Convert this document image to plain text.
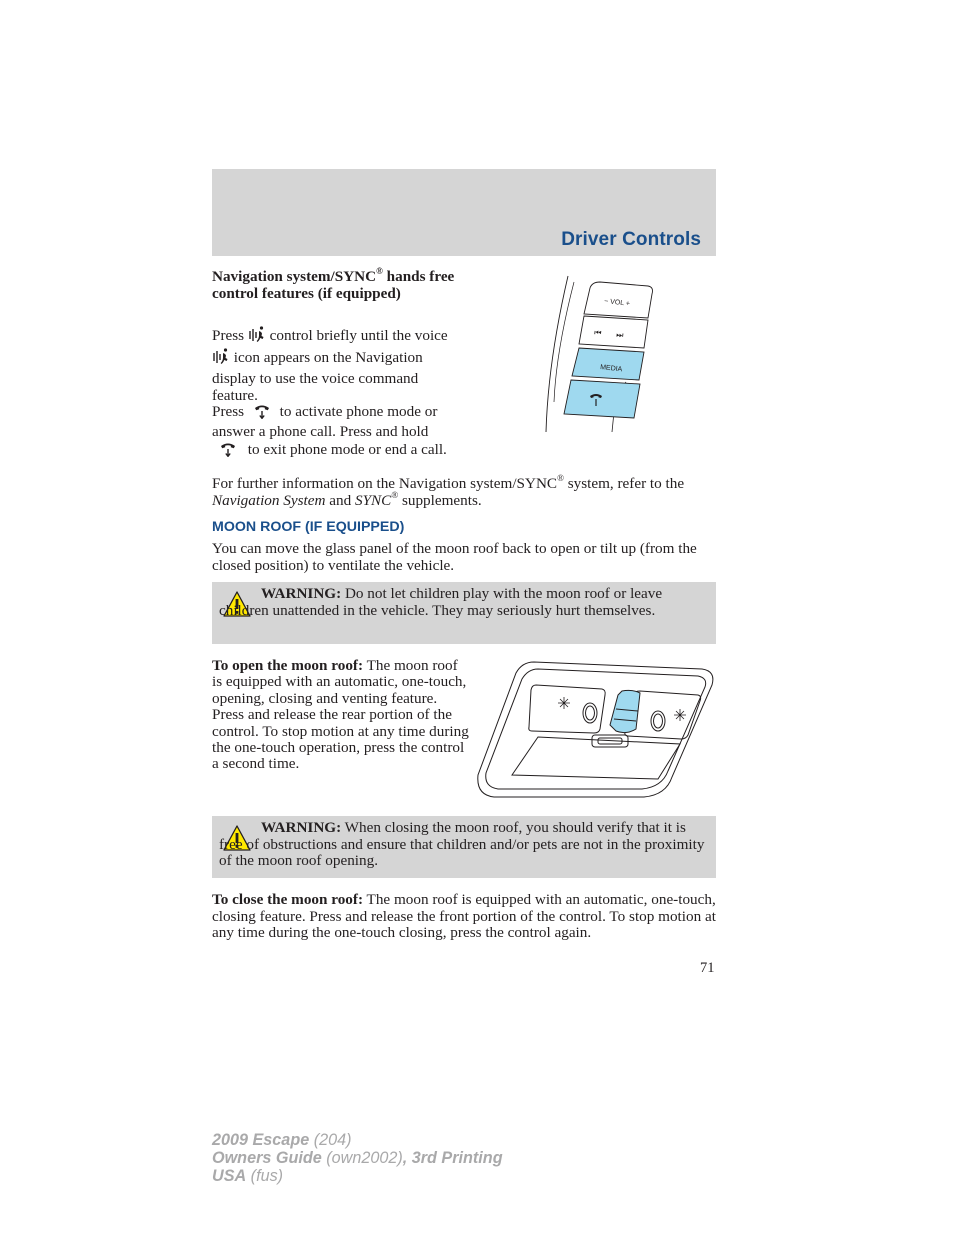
Driver Controls
Navigation system/SYNC® hands free control features (if equipped)
Press  control briefly until the voice  icon appears on the Navigation display to use the voice command feature.
Press  to activate phone mode or answer a phone call. Press and hold  to exit phone mode or end a call.
− VOL +
⏮ ⏭
MEDIA
For further information on the Navigation system/SYNC® system, refer to the Navigation System and SYNC® supplements.
MOON ROOF (IF EQUIPPED)
You can move the glass panel of the moon roof back to open or tilt up (from the closed position) to ventilate the vehicle.
WARNING: Do not let children play with the moon roof or leave children unattended in the vehicle. They may seriously hurt themselves.
To open the moon roof: The moon roof is equipped with an automatic, one-touch, opening, closing and venting feature. Press and release the rear portion of the control. To stop motion at any time during the one-touch operation, press the control a second time.
WARNING: When closing the moon roof, you should verify that it is free of obstructions and ensure that children and/or pets are not in the proximity of the moon roof opening.
To close the moon roof: The moon roof is equipped with an automatic, one-touch, closing feature. Press and release the front portion of the control. To stop motion at any time during the one-touch closing, press the control again.
71
2009 Escape (204)
Owners Guide (own2002), 3rd Printing
USA (fus)
